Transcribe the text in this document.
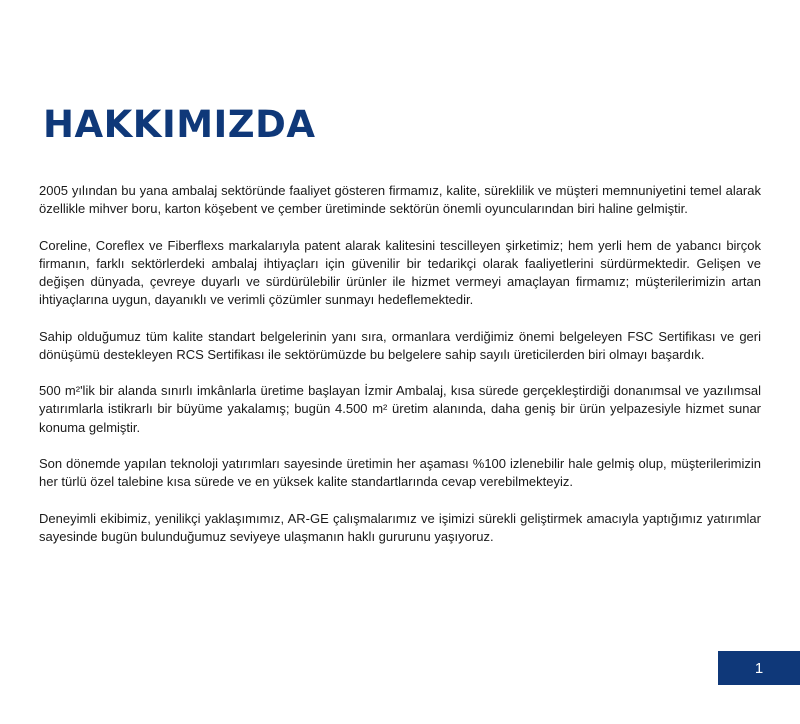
HAKKIMIZDA

2005 yılından bu yana ambalaj sektöründe faaliyet gösteren firmamız, kalite, süreklilik ve müşteri memnuniyetini temel alarak özellikle mihver boru, karton köşebent ve çember üretiminde sektörün önemli oyuncularından biri haline gelmiştir.

Coreline, Coreflex ve Fiberflexs markalarıyla patent alarak kalitesini tescilleyen şirketimiz; hem yerli hem de yabancı birçok firmanın, farklı sektörlerdeki ambalaj ihtiyaçları için güvenilir bir tedarikçi olarak faaliyetlerini sürdürmektedir. Gelişen ve değişen dünyada, çevreye duyarlı ve sürdürülebilir ürünler ile hizmet vermeyi amaçlayan firmamız; müşterilerimizin artan ihtiyaçlarına uygun, dayanıklı ve verimli çözümler sunmayı hedeflemektedir.

Sahip olduğumuz tüm kalite standart belgelerinin yanı sıra, ormanlara verdiğimiz önemi belgeleyen FSC Sertifikası ve geri dönüşümü destekleyen RCS Sertifikası ile sektörümüzde bu belgelere sahip sayılı üreticilerden biri olmayı başardık.

500 m²'lik bir alanda sınırlı imkânlarla üretime başlayan İzmir Ambalaj, kısa sürede gerçekleştirdiği donanımsal ve yazılımsal yatırımlarla istikrarlı bir büyüme yakalamış; bugün 4.500 m² üretim alanında, daha geniş bir ürün yelpazesiyle hizmet sunar konuma gelmiştir.

Son dönemde yapılan teknoloji yatırımları sayesinde üretimin her aşaması %100 izlenebilir hale gelmiş olup, müşterilerimizin her türlü özel talebine kısa sürede ve en yüksek kalite standartlarında cevap verebilmekteyiz.

Deneyimli ekibimiz, yenilikçi yaklaşımımız, AR-GE çalışmalarımız ve işimizi sürekli geliştirmek amacıyla yaptığımız yatırımlar sayesinde bugün bulunduğumuz seviyeye ulaşmanın haklı gururunu yaşıyoruz.

1
